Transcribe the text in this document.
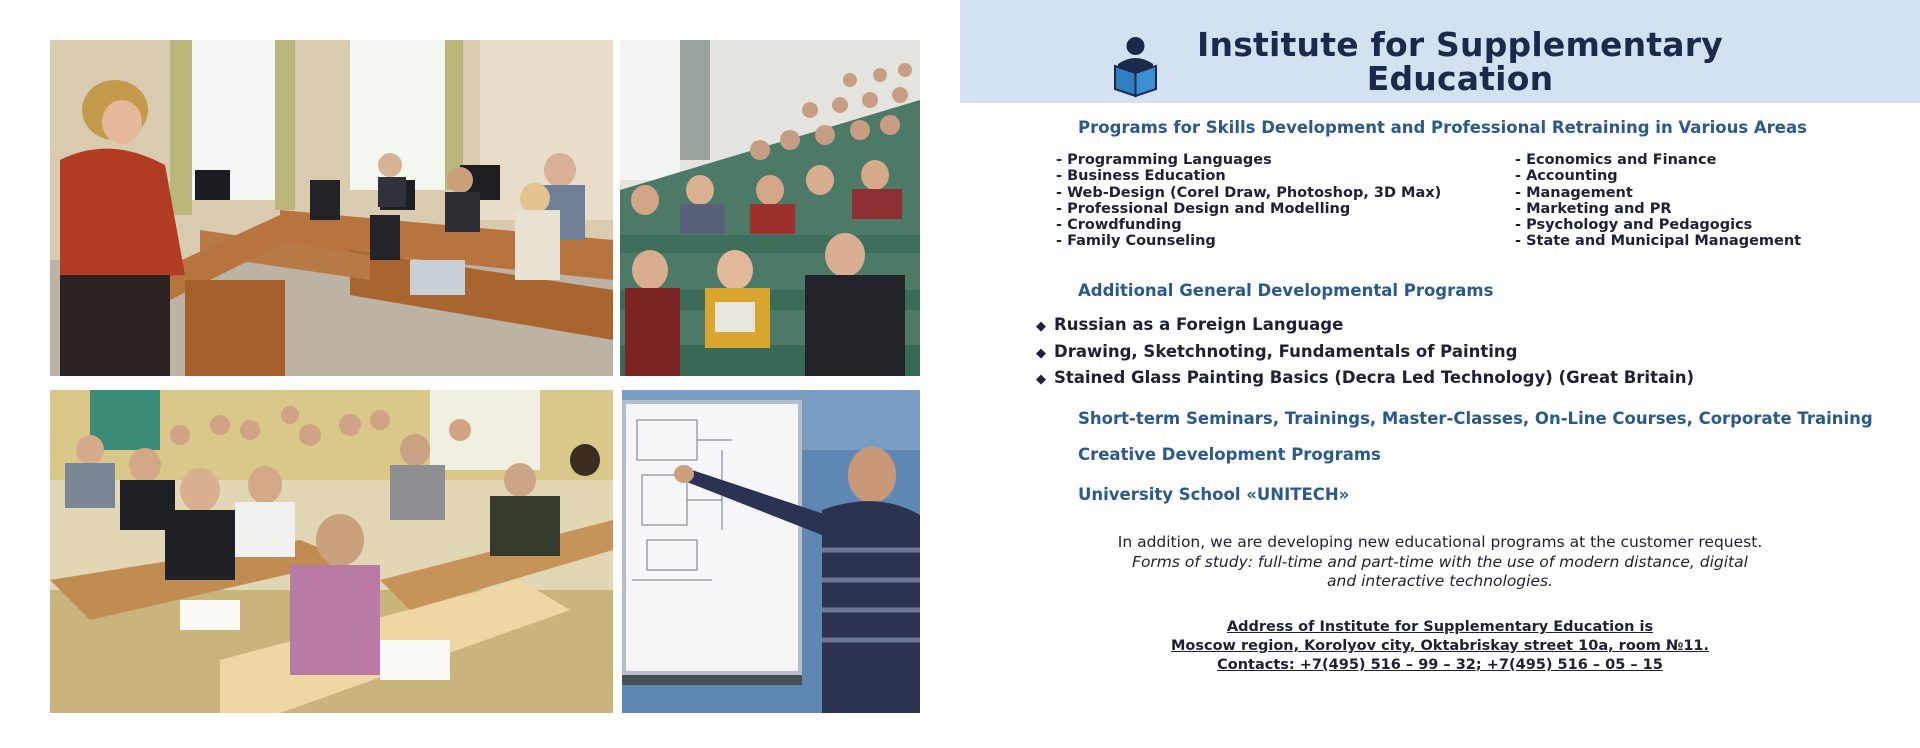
Institute for Supplementary
Education
Programs for Skills Development and Professional Retraining in Various Areas
- Programming Languages
- Business Education
- Web-Design (Corel Draw, Photoshop, 3D Max)
- Professional Design and Modelling
- Crowdfunding
- Family Counseling
- Economics and Finance
- Accounting
- Management
- Marketing and PR
- Psychology and Pedagogics
- State and Municipal Management
Additional General Developmental Programs
◆ Russian as a Foreign Language
◆ Drawing, Sketchnoting, Fundamentals of Painting
◆ Stained Glass Painting Basics (Decra Led Technology) (Great Britain)
Short-term Seminars, Trainings, Master-Classes, On-Line Courses, Corporate Training
Creative Development Programs
University School «UNITECH»
In addition, we are developing new educational programs at the customer request.
Forms of study: full-time and part-time with the use of modern distance, digital
and interactive technologies.
Address of Institute for Supplementary Education is
Moscow region, Korolyov city, Oktabriskay street 10a, room №11.
Contacts: +7(495) 516 – 99 – 32; +7(495) 516 – 05 – 15
